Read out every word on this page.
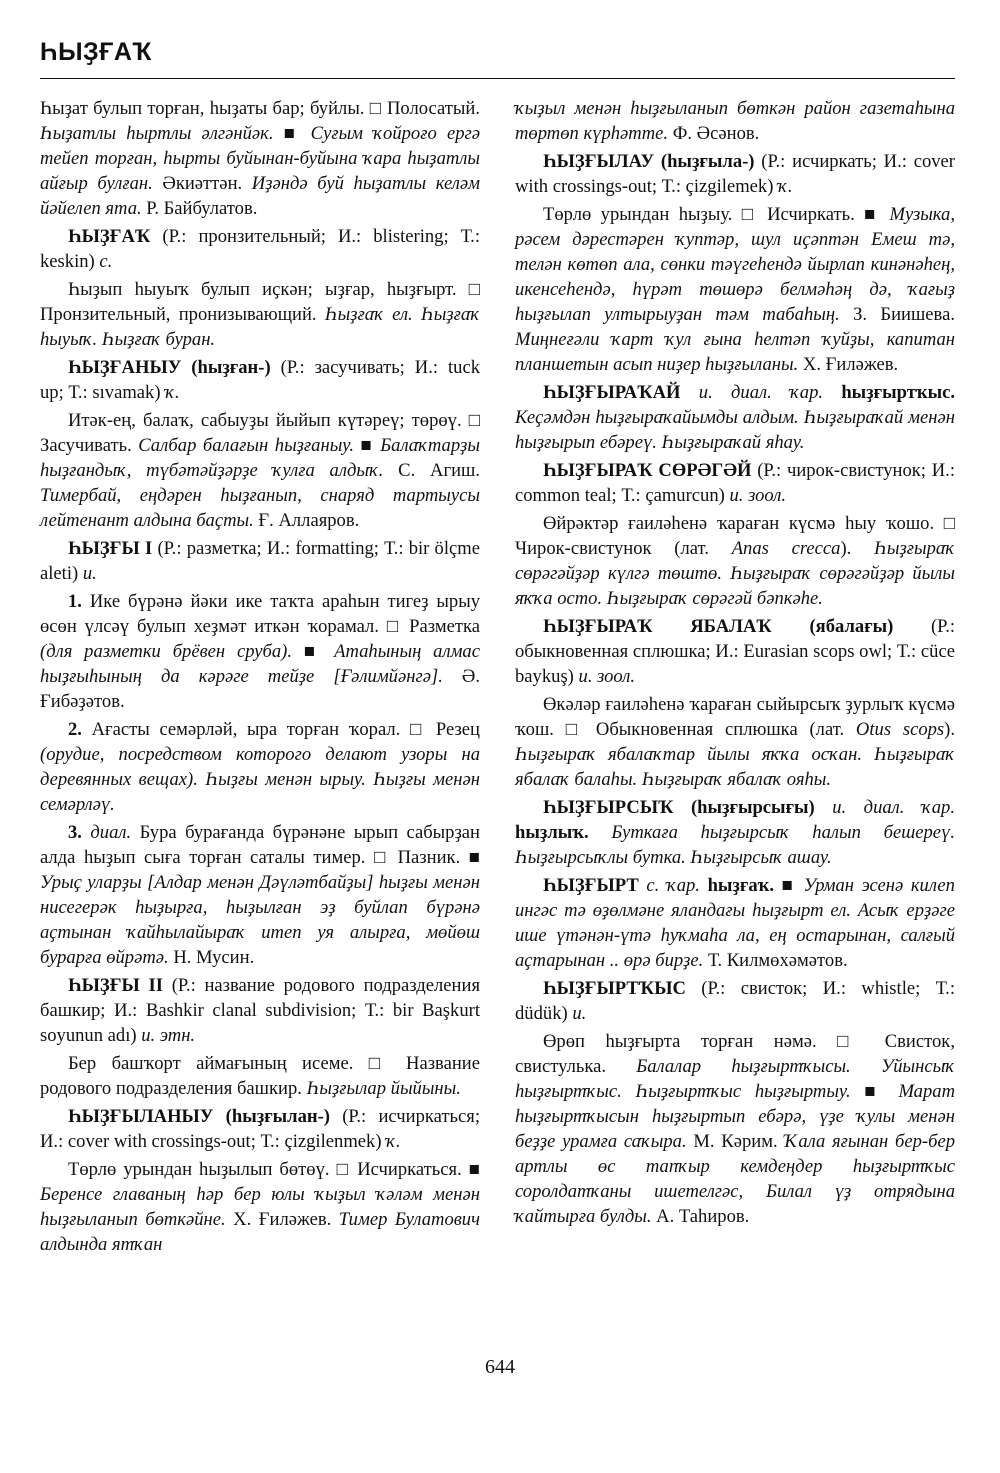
ҺЫҘҒАҠ

Һыҙат булып торған, һыҙаты бар; буйлы. □ Полосатый. Һыҙатлы һыртлы әлгәнйәк. ■ Суғым ҡойроғо ергә тейеп торған, һырты буйынан-буйына ҡара һыҙатлы айғыр булған. Әкиәттән. Иҙәндә буй һыҙатлы келәм йәйелеп ята. Р. Байбулатов.

ҺЫҘҒАҠ (Р.: пронзительный; И.: blistering; Т.: keskin) с.

Һыҙып һыуыҡ булып иҫкән; ыҙғар, һыҙғырт. □ Пронзительный, пронизывающий. Һыҙғаҡ ел. Һыҙғаҡ һыуыҡ. Һыҙғаҡ буран.

ҺЫҘҒАНЫУ (һыҙған-) (Р.: засучивать; И.: tuck up; Т.: sıvamak) ҡ.

Итәк-ең, балаҡ, сабыуҙы йыйып күтәреү; төрөү. □ Засучивать. Салбар балағын һыҙғаныу. ■ Балаҡтарҙы һыҙғандыҡ, түбәтәйҙәрҙе ҡулға алдыҡ. С. Агиш. Тимербай, еңдәрен һыҙғанып, снаряд тартыусы лейтенант алдына баҫты. Ғ. Аллаяров.

ҺЫҘҒЫ I (Р.: разметка; И.: formatting; Т.: bir ölçme aleti) и.

1. Ике бүрәнә йәки ике таҡта араһын тигеҙ ырыу өсөн үлсәү булып хеҙмәт иткән ҡорамал. □ Разметка (для разметки брёвен сруба). ■ Атаһының алмас һыҙғыһының да кәрәге тейҙе [Ғәлимйәнгә]. Ә. Ғибәҙәтов.

2. Ағасты семәрләй, ыра торған ҡорал. □ Резец (орудие, посредством которого делают узоры на деревянных вещах). Һыҙғы менән ырыу. Һыҙғы менән семәрләү.

3. диал. Бура бурағанда бүрәнәне ырып сабырҙан алда һыҙып сыға торған саталы тимер. □ Пазник. ■ Урыҫ уларҙы [Алдар менән Дәүләтбайҙы] һыҙғы менән нисегерәк һыҙырға, һыҙылған эҙ буйлап бүрәнә аҫтынан ҡайһылайыраҡ итеп уя алырға, мөйөш бурарға өйрәтә. Н. Мусин.

ҺЫҘҒЫ II (Р.: название родового подразделения башкир; И.: Bashkir clanal subdivision; Т.: bir Başkurt soyunun adı) и. этн.

Бер башҡорт аймағының исеме. □ Название родового подразделения башкир. Һыҙғылар йыйыны.

ҺЫҘҒЫЛАНЫУ (һыҙғылан-) (Р.: исчиркаться; И.: cover with crossings-out; Т.: çizgilenmek) ҡ.

Төрлө урындан һыҙылып бөтөү. □ Исчиркаться. ■ Беренсе главаның һәр бер юлы ҡыҙыл ҡәләм менән һыҙғыланып бөткәйне. Х. Ғиләжев. Тимер Булатович алдында ятҡан

ҡыҙыл менән һыҙғыланып бөткән район газетаһына төртөп күрһәтте. Ф. Әсәнов.

ҺЫҘҒЫЛАУ (һыҙғыла-) (Р.: исчиркать; И.: cover with crossings-out; Т.: çizgilemek) ҡ.

Төрлө урындан һыҙыу. □ Исчиркать. ■ Музыка, рәсем дәрестәрен ҡуптәр, шул иҫәптән Емеш тә, телән көтөп ала, сөнки тәүгеһендә йырлап кинәнәһең, икенсеһендә, һүрәт төшөрә белмәһәң дә, ҡағыҙ һыҙғылап ултырыуҙан тәм табаһың. З. Биишева. Миңнеғәли ҡарт ҡул ғына һелтәп ҡуйҙы, капитан планшетын асып ниҙер һыҙғыланы. Х. Ғиләжев.

ҺЫҘҒЫРАҠАЙ и. диал. ҡар. һыҙғыртҡыс. Кеҫәмдән һыҙғыраҡайымды алдым. Һыҙғыраҡай менән һыҙғырып ебәреү. Һыҙғыраҡай яһау.

ҺЫҘҒЫРАҠ СӨРӘГӘЙ (Р.: чирок-свистунок; И.: common teal; Т.: çamurcun) и. зоол.

Өйрәктәр ғаиләһенә ҡараған күсмә һыу ҡошо. □ Чирок-свистунок (лат. Anas crecca). Һыҙғыраҡ сөрәгәйҙәр күлгә төштө. Һыҙғыраҡ сөрәгәйҙәр йылы яҡҡа осто. Һыҙғыраҡ сөрәгәй бәпкәһе.

ҺЫҘҒЫРАҠ ЯБАЛАҠ (ябалағы) (Р.: обыкновенная сплюшка; И.: Eurasian scops owl; Т.: cüce baykuş) и. зоол.

Өкәләр ғаиләһенә ҡараған сыйырсыҡ ҙурлыҡ күсмә ҡош. □ Обыкновенная сплюшка (лат. Otus scops). Һыҙғыраҡ ябалаҡтар йылы яҡҡа осҡан. Һыҙғыраҡ ябалаҡ балаһы. Һыҙғыраҡ ябалаҡ ояһы.

ҺЫҘҒЫРСЫҠ (һыҙғырсығы) и. диал. ҡар. һыҙлыҡ. Буткаға һыҙғырсыҡ һалып бешереү. Һыҙғырсыҡлы бутка. Һыҙғырсыҡ ашау.

ҺЫҘҒЫРТ с. ҡар. һыҙғаҡ. ■ Урман эсенә килеп ингәс тә өҙөлмәне яландағы һыҙғырт ел. Асыҡ ерҙәге ише үтәнән-үтә һуҡмаһа ла, ең остарынан, салғый аҫтарынан .. өрә бирҙе. Т. Килмөхәмәтов.

ҺЫҘҒЫРТҠЫС (Р.: свисток; И.: whistle; Т.: düdük) и.

Өрөп һыҙғырта торған нәмә. □ Свисток, свистулька. Балалар һыҙғыртҡысы. Уйынсыҡ һыҙғыртҡыс. Һыҙғыртҡыс һыҙғыртыу. ■ Марат һыҙғыртҡысын һыҙғыртып ебәрә, үҙе ҡулы менән беҙҙе урамға саҡыра. М. Кәрим. Ҡала яғынан бер-бер артлы өс тапҡыр кемдеңдер һыҙғыртҡыс соролдатҡаны ишетелгәс, Билал үҙ отрядына ҡайтырға булды. А. Таһиров.

644
